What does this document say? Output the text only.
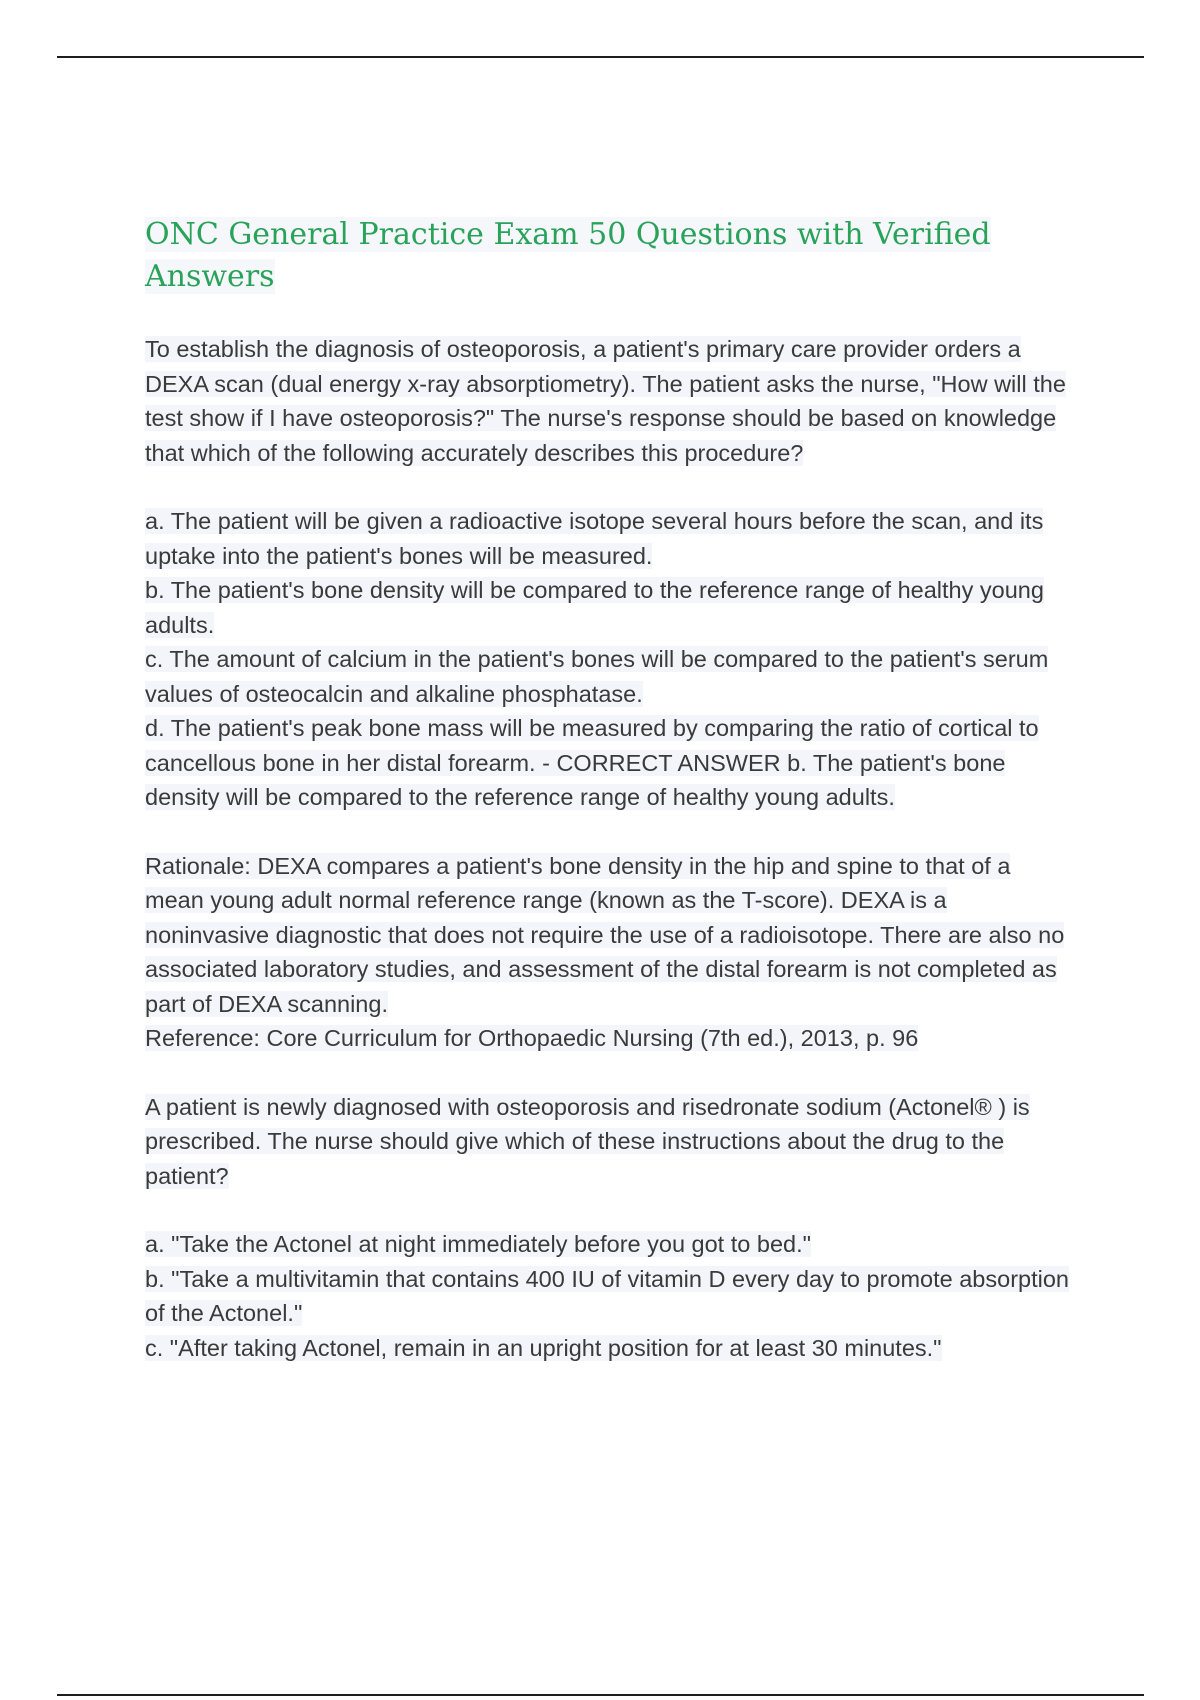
ONC General Practice Exam 50 Questions with Verified Answers
To establish the diagnosis of osteoporosis, a patient's primary care provider orders a DEXA scan (dual energy x-ray absorptiometry). The patient asks the nurse, "How will the test show if I have osteoporosis?" The nurse's response should be based on knowledge that which of the following accurately describes this procedure?
a. The patient will be given a radioactive isotope several hours before the scan, and its uptake into the patient's bones will be measured.
b. The patient's bone density will be compared to the reference range of healthy young adults.
c. The amount of calcium in the patient's bones will be compared to the patient's serum values of osteocalcin and alkaline phosphatase.
d. The patient's peak bone mass will be measured by comparing the ratio of cortical to cancellous bone in her distal forearm. - CORRECT ANSWER b. The patient's bone density will be compared to the reference range of healthy young adults.
Rationale: DEXA compares a patient's bone density in the hip and spine to that of a mean young adult normal reference range (known as the T-score). DEXA is a noninvasive diagnostic that does not require the use of a radioisotope. There are also no associated laboratory studies, and assessment of the distal forearm is not completed as part of DEXA scanning.
Reference: Core Curriculum for Orthopaedic Nursing (7th ed.), 2013, p. 96
A patient is newly diagnosed with osteoporosis and risedronate sodium (Actonel® ) is prescribed. The nurse should give which of these instructions about the drug to the patient?
a. "Take the Actonel at night immediately before you got to bed."
b. "Take a multivitamin that contains 400 IU of vitamin D every day to promote absorption of the Actonel."
c. "After taking Actonel, remain in an upright position for at least 30 minutes."
